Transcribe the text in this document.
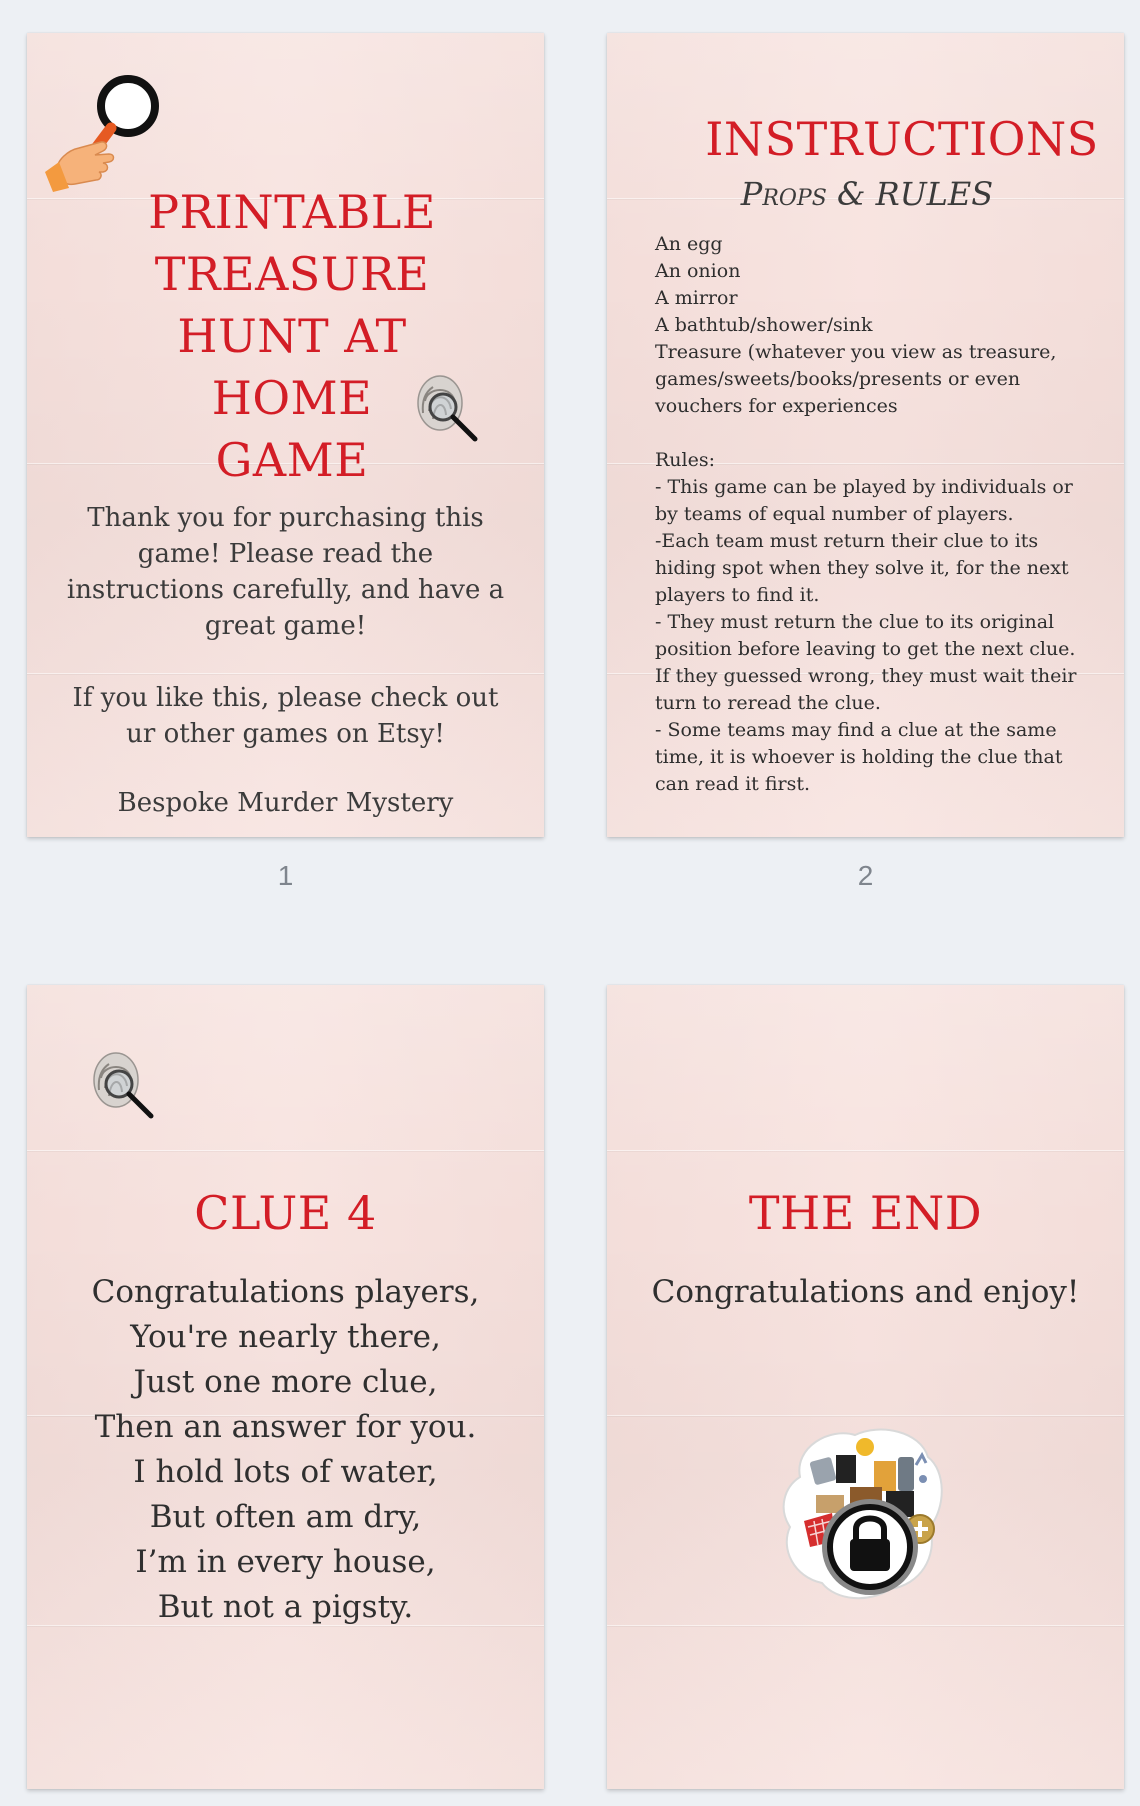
PRINTABLE
TREASURE
HUNT AT
HOME
GAME
Thank you for purchasing this game! Please read the instructions carefully, and have a great game!
If you like this, please check out ur other games on Etsy!
Bespoke Murder Mystery
1
INSTRUCTIONS
Props & RULES
An egg
An onion
A mirror
A bathtub/shower/sink
Treasure (whatever you view as treasure, games/sweets/books/presents or even vouchers for experiences
Rules:
- This game can be played by individuals or by teams of equal number of players.
-Each team must return their clue to its hiding spot when they solve it, for the next players to find it.
- They must return the clue to its original position before leaving to get the next clue. If they guessed wrong, they must wait their turn to reread the clue.
- Some teams may find a clue at the same time, it is whoever is holding the clue that can read it first.
2
CLUE 4
Congratulations players,
You're nearly there,
Just one more clue,
Then an answer for you.
I hold lots of water,
But often am dry,
I’m in every house,
But not a pigsty.
THE END
Congratulations and enjoy!
